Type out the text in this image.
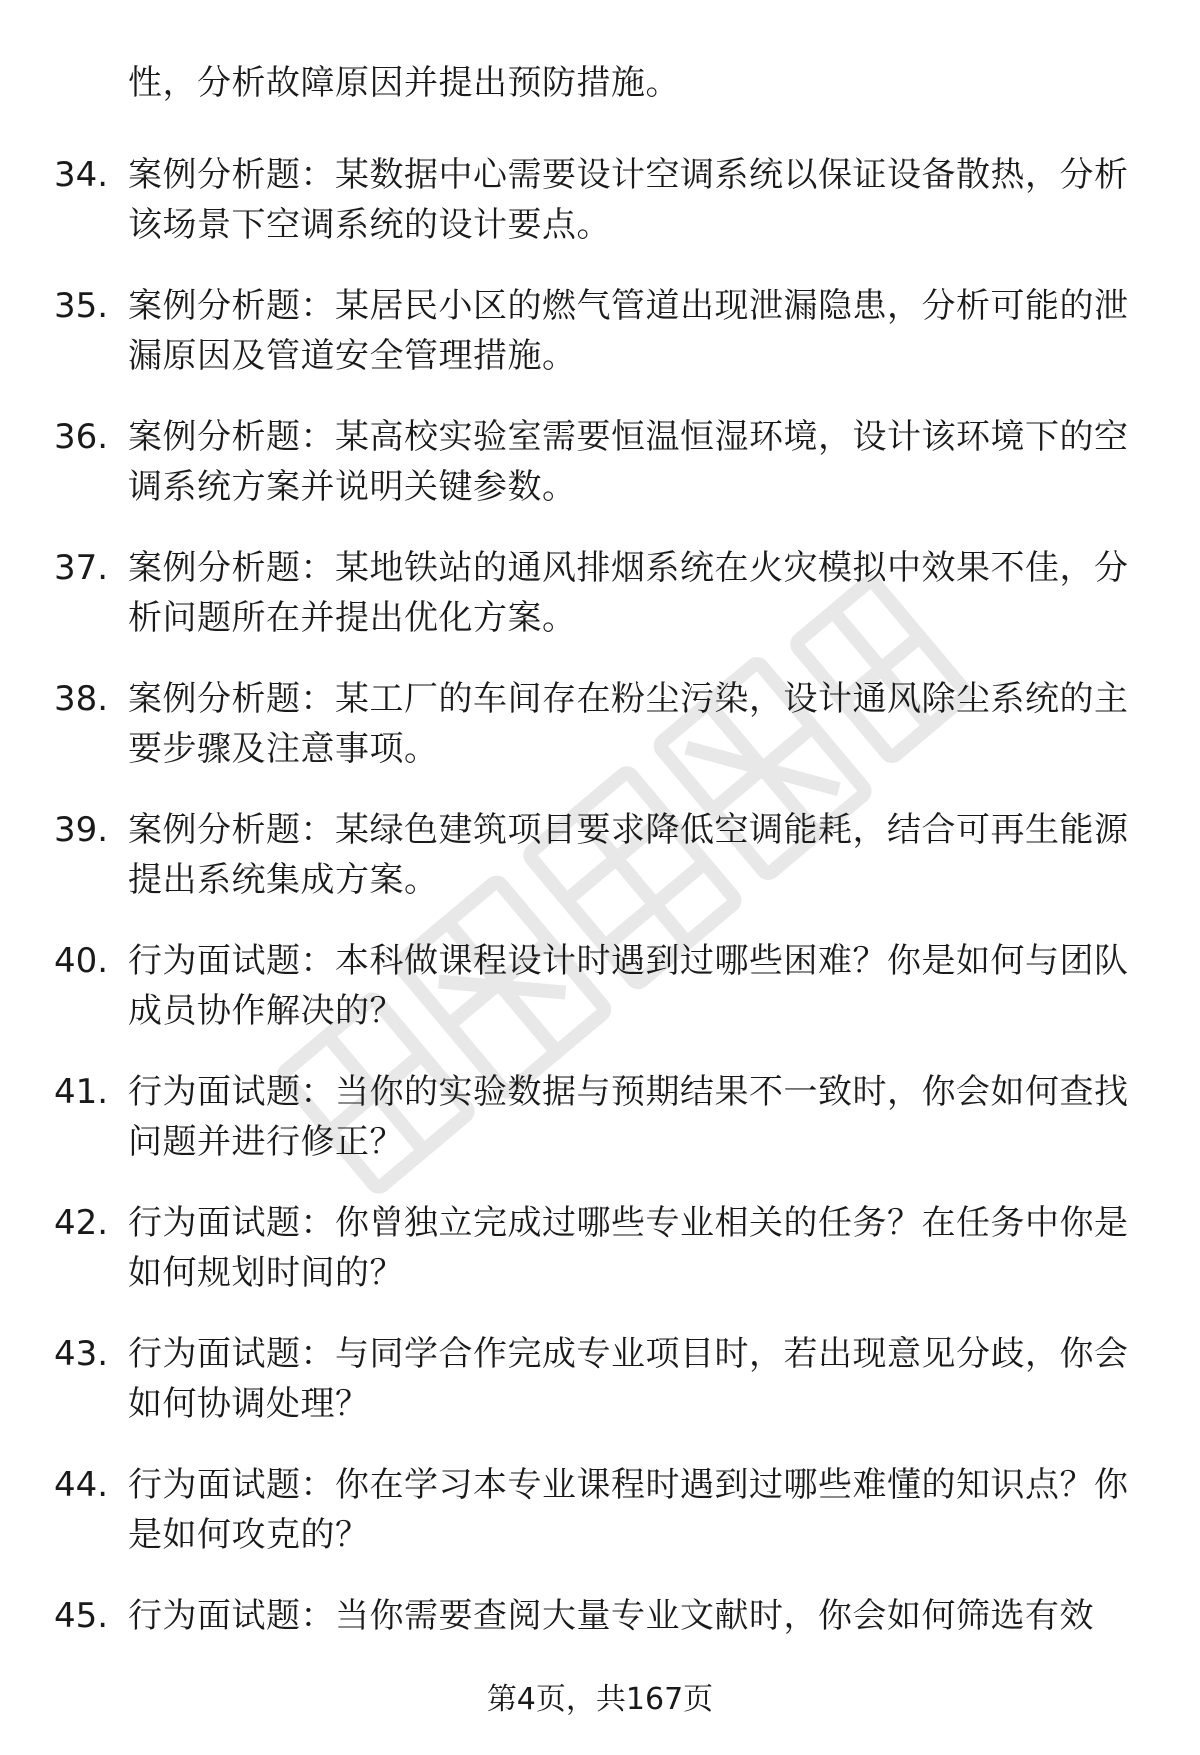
性，分析故障原因并提出预防措施。
34. 案例分析题：某数据中心需要设计空调系统以保证设备散热，分析该场景下空调系统的设计要点。
35. 案例分析题：某居民小区的燃气管道出现泄漏隐患，分析可能的泄漏原因及管道安全管理措施。
36. 案例分析题：某高校实验室需要恒温恒湿环境，设计该环境下的空调系统方案并说明关键参数。
37. 案例分析题：某地铁站的通风排烟系统在火灾模拟中效果不佳，分析问题所在并提出优化方案。
38. 案例分析题：某工厂的车间存在粉尘污染，设计通风除尘系统的主要步骤及注意事项。
39. 案例分析题：某绿色建筑项目要求降低空调能耗，结合可再生能源提出系统集成方案。
40. 行为面试题：本科做课程设计时遇到过哪些困难？你是如何与团队成员协作解决的？
41. 行为面试题：当你的实验数据与预期结果不一致时，你会如何查找问题并进行修正？
42. 行为面试题：你曾独立完成过哪些专业相关的任务？在任务中你是如何规划时间的？
43. 行为面试题：与同学合作完成专业项目时，若出现意见分歧，你会如何协调处理？
44. 行为面试题：你在学习本专业课程时遇到过哪些难懂的知识点？你是如何攻克的？
45. 行为面试题：当你需要查阅大量专业文献时，你会如何筛选有效
第4页，共167页
